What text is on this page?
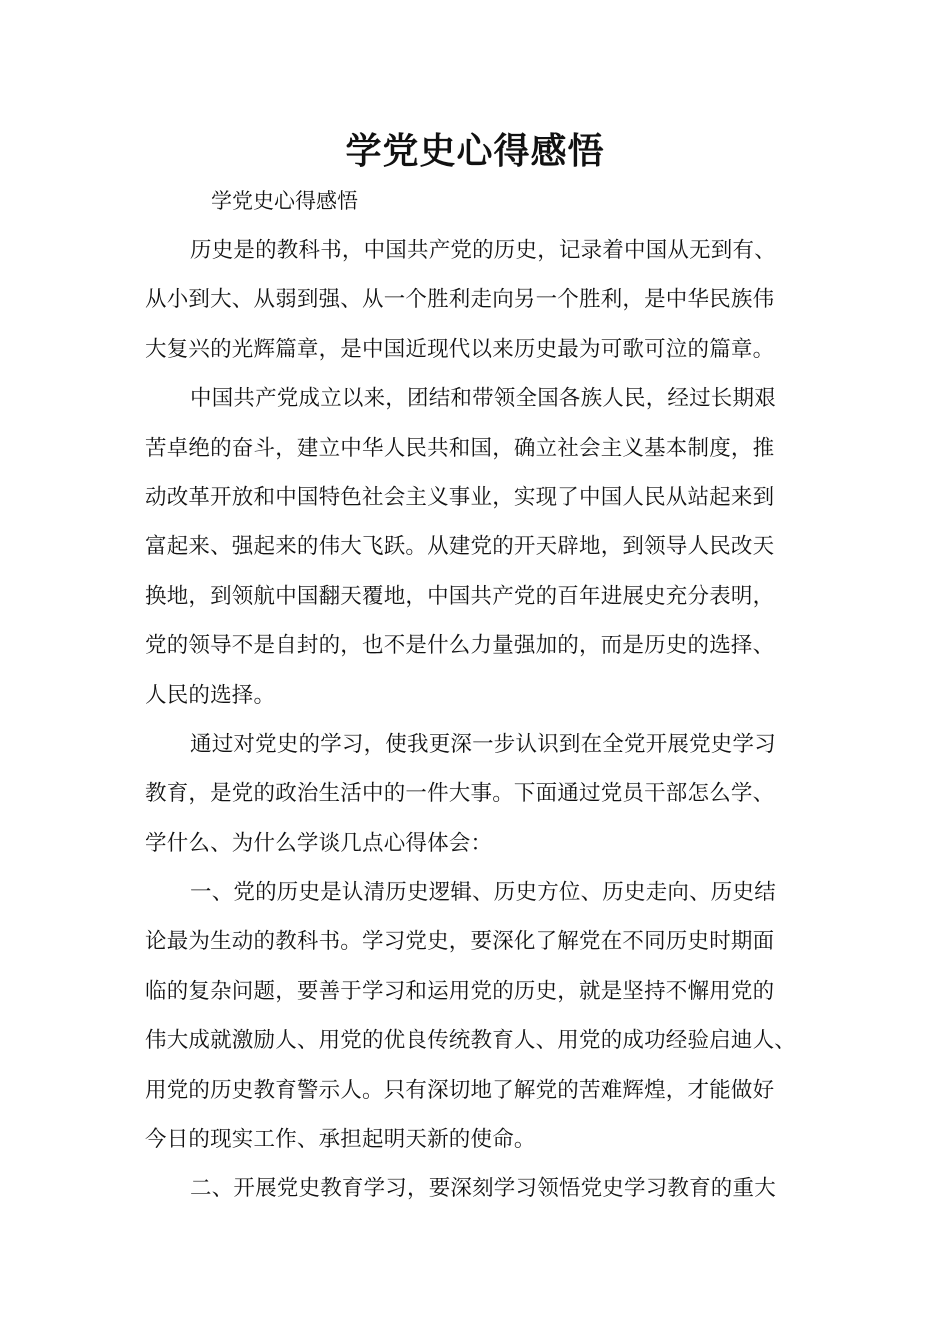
学党史心得感悟

学党史心得感悟

历史是的教科书，中国共产党的历史，记录着中国从无到有、
从小到大、从弱到强、从一个胜利走向另一个胜利，是中华民族伟
大复兴的光辉篇章，是中国近现代以来历史最为可歌可泣的篇章。
中国共产党成立以来，团结和带领全国各族人民，经过长期艰
苦卓绝的奋斗，建立中华人民共和国，确立社会主义基本制度，推
动改革开放和中国特色社会主义事业，实现了中国人民从站起来到
富起来、强起来的伟大飞跃。从建党的开天辟地，到领导人民改天
换地，到领航中国翻天覆地，中国共产党的百年进展史充分表明，
党的领导不是自封的，也不是什么力量强加的，而是历史的选择、
人民的选择。
通过对党史的学习，使我更深一步认识到在全党开展党史学习
教育，是党的政治生活中的一件大事。下面通过党员干部怎么学、
学什么、为什么学谈几点心得体会：
一、党的历史是认清历史逻辑、历史方位、历史走向、历史结
论最为生动的教科书。学习党史，要深化了解党在不同历史时期面
临的复杂问题，要善于学习和运用党的历史，就是坚持不懈用党的
伟大成就激励人、用党的优良传统教育人、用党的成功经验启迪人、
用党的历史教育警示人。只有深切地了解党的苦难辉煌，才能做好
今日的现实工作、承担起明天新的使命。
二、开展党史教育学习，要深刻学习领悟党史学习教育的重大
